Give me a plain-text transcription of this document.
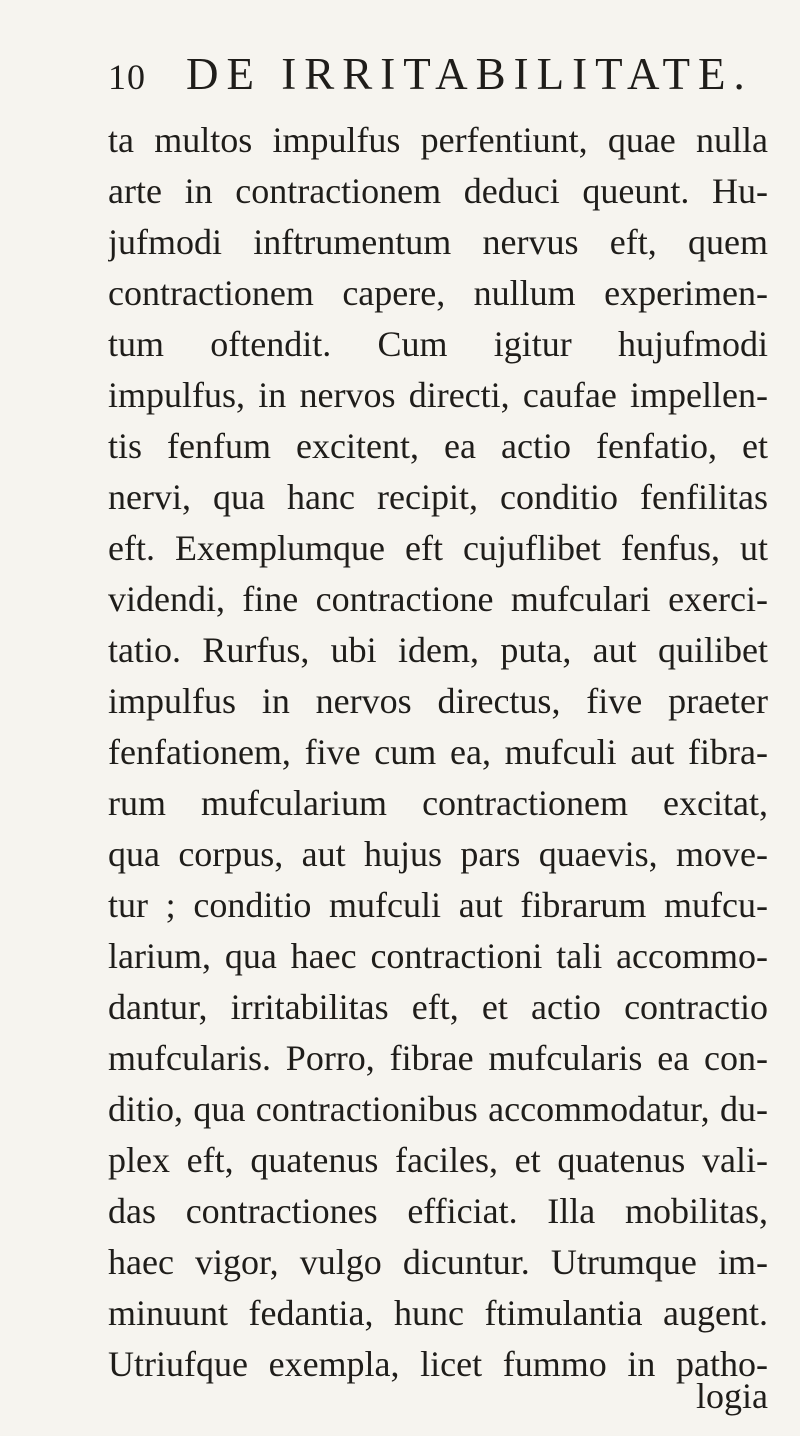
10 DE IRRITABILITATE.
ta multos impulfus perfentiunt, quae nulla
arte in contractionem deduci queunt. Hu-
jufmodi inftrumentum nervus eft, quem
contractionem capere, nullum experimen-
tum oftendit. Cum igitur hujufmodi
impulfus, in nervos directi, caufae impellen-
tis fenfum excitent, ea actio fenfatio, et
nervi, qua hanc recipit, conditio fenfilitas
eft. Exemplumque eft cujuflibet fenfus, ut
videndi, fine contractione mufculari exerci-
tatio. Rurfus, ubi idem, puta, aut quilibet
impulfus in nervos directus, five praeter
fenfationem, five cum ea, mufculi aut fibra-
rum mufcularium contractionem excitat,
qua corpus, aut hujus pars quaevis, move-
tur ; conditio mufculi aut fibrarum mufcu-
larium, qua haec contractioni tali accommo-
dantur, irritabilitas eft, et actio contractio
mufcularis. Porro, fibrae mufcularis ea con-
ditio, qua contractionibus accommodatur, du-
plex eft, quatenus faciles, et quatenus vali-
das contractiones efficiat. Illa mobilitas,
haec vigor, vulgo dicuntur. Utrumque im-
minuunt fedantia, hunc ftimulantia augent.
Utriufque exempla, licet fummo in patho-
logia
